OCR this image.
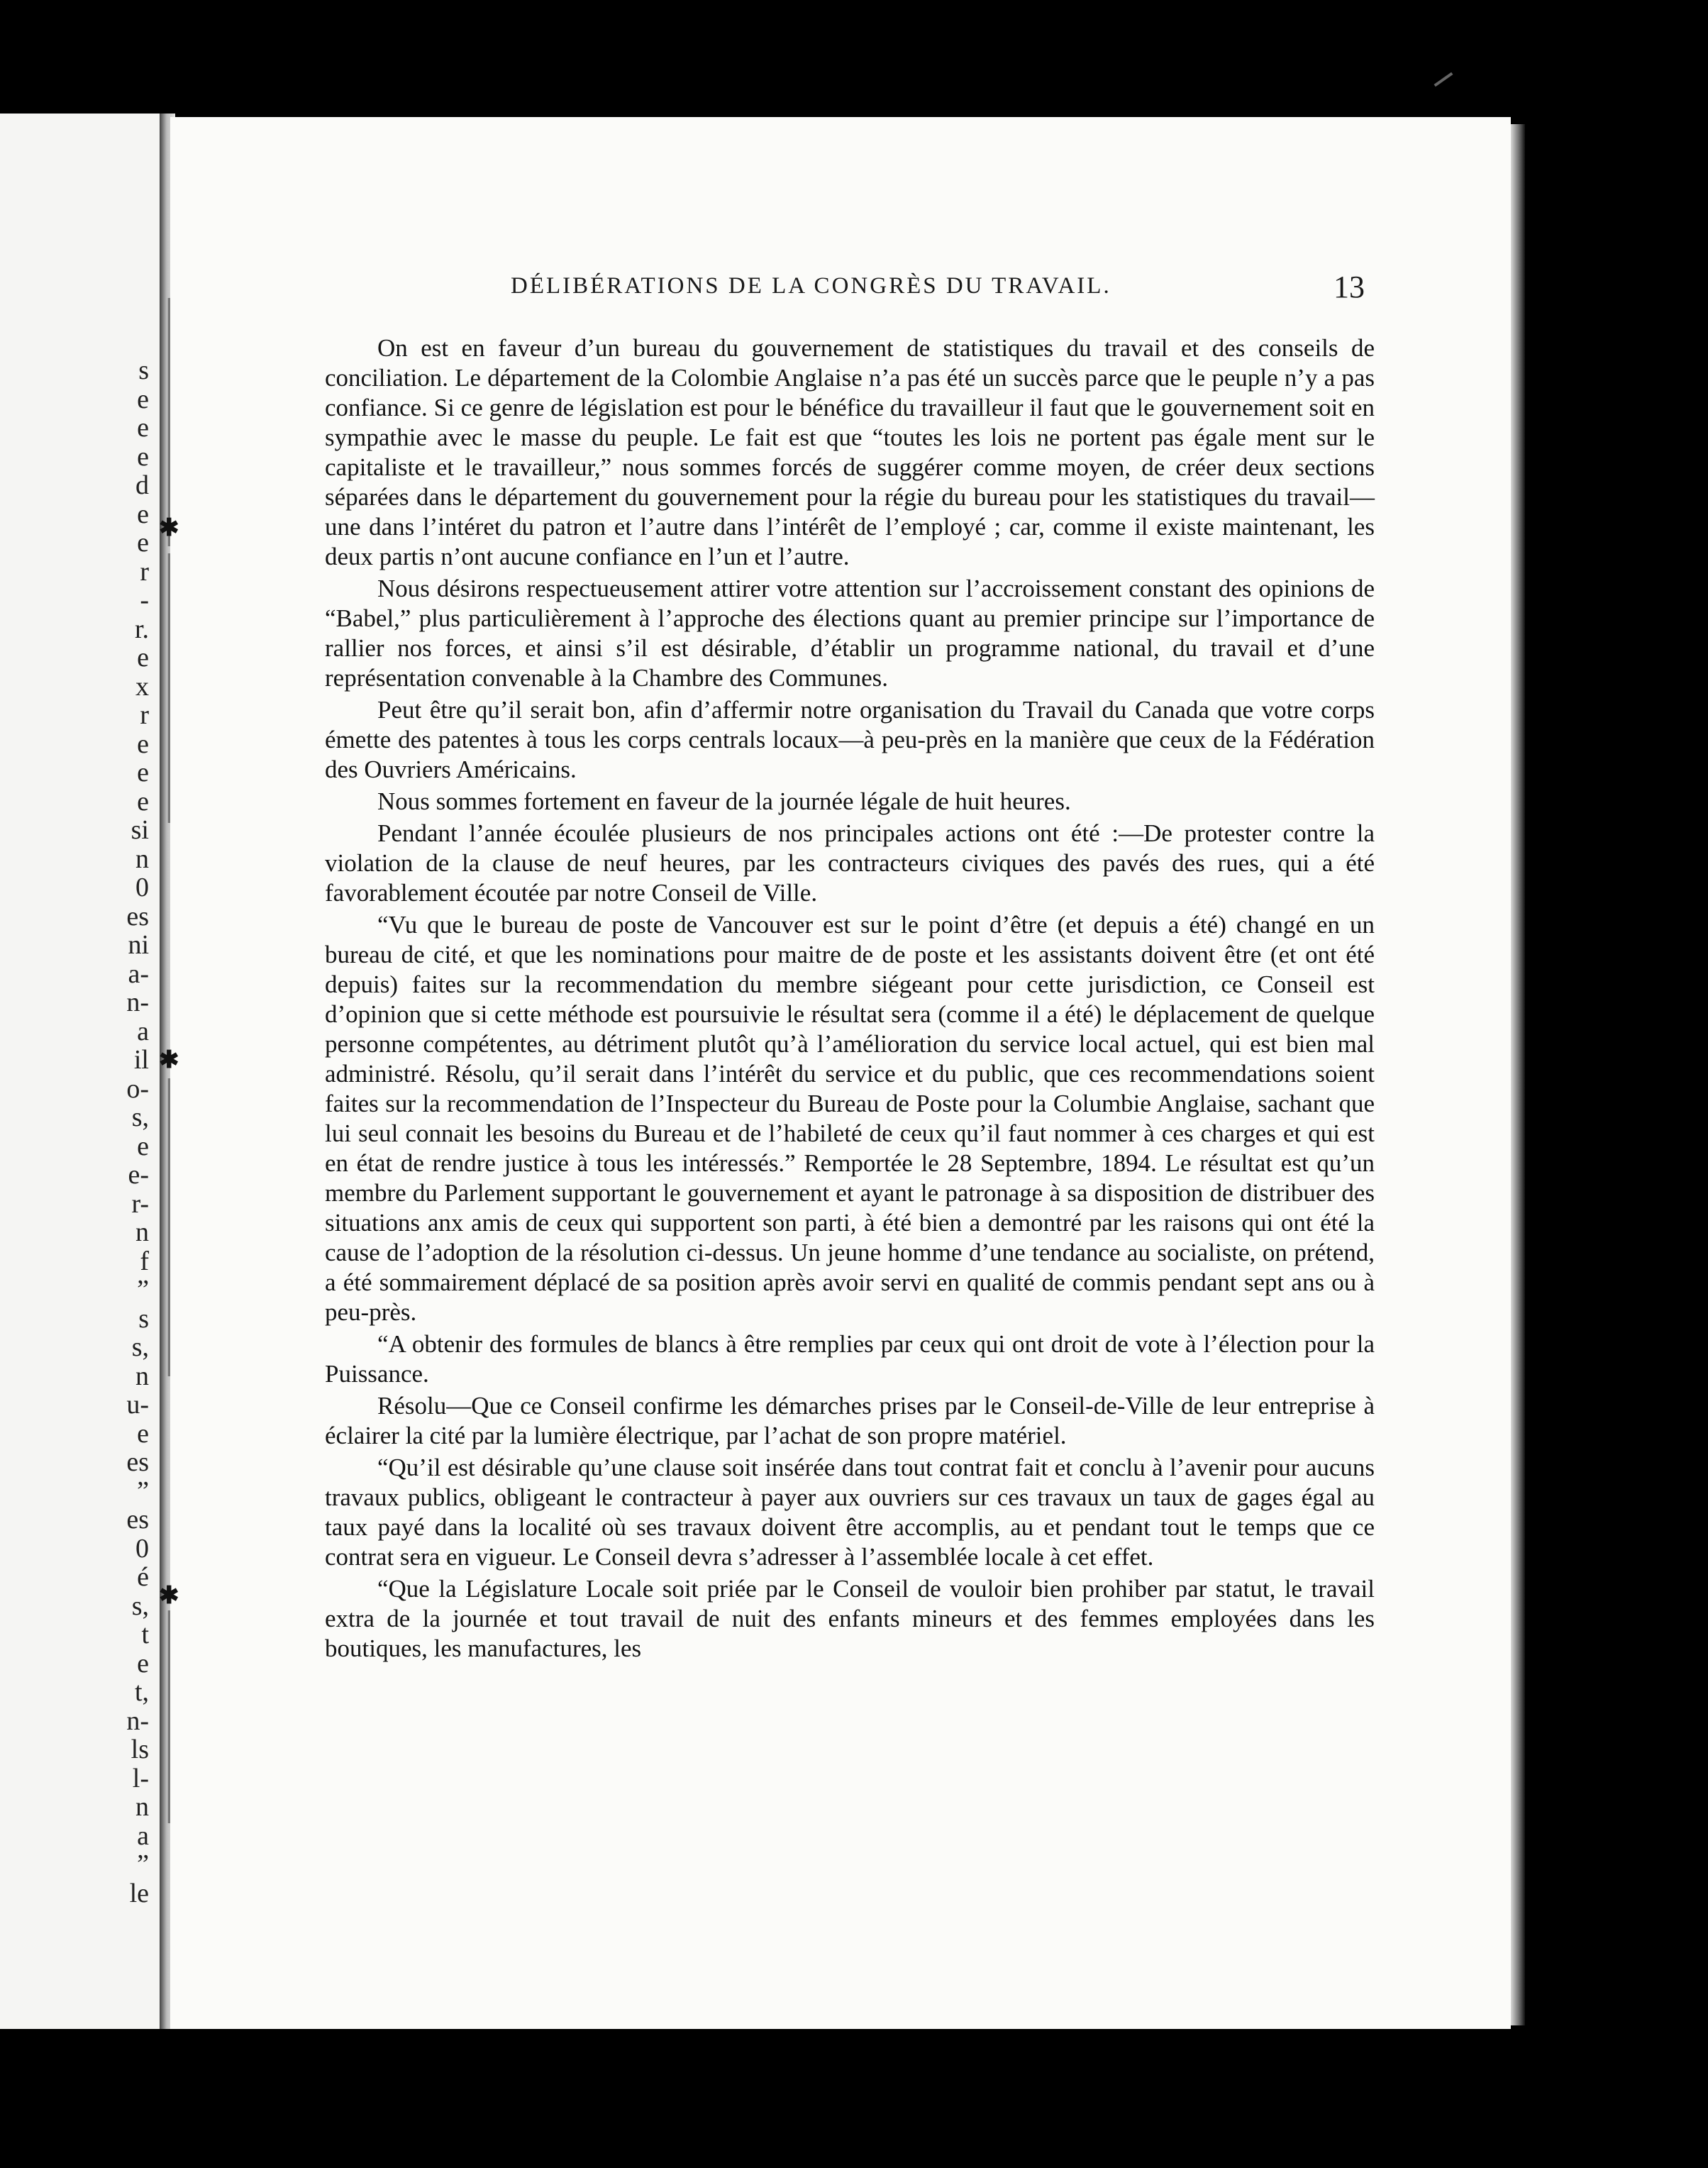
s
e
e
e
d
e
e
r
-
r.
e
x
r
e
e
e
si
n
0
es
ni
a-
n-
a
il
o-
s,
e
e-
r-
n
f
”
s
s,
n
u-
e
es
”
es
0
é
s,
t
e
t,
n-
ls
l-
n
a
”
le
✱
✱
✱
DÉLIBÉRATIONS DE LA CONGRÈS DU TRAVAIL.	13

On est en faveur d’un bureau du gouvernement de statistiques du travail et des conseils de conciliation. Le département de la Colombie Anglaise n’a pas été un succès parce que le peuple n’y a pas confiance. Si ce genre de législation est pour le bénéfice du travailleur il faut que le gouvernement soit en sympathie avec le masse du peuple. Le fait est que “toutes les lois ne portent pas égale ment sur le capitaliste et le travailleur,” nous sommes forcés de suggérer comme moyen, de créer deux sections séparées dans le département du gouvernement pour la régie du bureau pour les statistiques du travail—une dans l’intéret du patron et l’autre dans l’intérêt de l’employé ; car, comme il existe maintenant, les deux partis n’ont aucune confiance en l’un et l’autre.

Nous désirons respectueusement attirer votre attention sur l’accroissement constant des opinions de “Babel,” plus particulièrement à l’approche des élections quant au premier principe sur l’importance de rallier nos forces, et ainsi s’il est désirable, d’établir un programme national, du travail et d’une représentation convenable à la Chambre des Communes.

Peut être qu’il serait bon, afin d’affermir notre organisation du Travail du Canada que votre corps émette des patentes à tous les corps centrals locaux—à peu-près en la manière que ceux de la Fédération des Ouvriers Américains.

Nous sommes fortement en faveur de la journée légale de huit heures.

Pendant l’année écoulée plusieurs de nos principales actions ont été :—De protester contre la violation de la clause de neuf heures, par les contracteurs civiques des pavés des rues, qui a été favorablement écoutée par notre Conseil de Ville.

“Vu que le bureau de poste de Vancouver est sur le point d’être (et depuis a été) changé en un bureau de cité, et que les nominations pour maitre de de poste et les assistants doivent être (et ont été depuis) faites sur la recommendation du membre siégeant pour cette jurisdiction, ce Conseil est d’opinion que si cette méthode est poursuivie le résultat sera (comme il a été) le déplacement de quelque personne compétentes, au détriment plutôt qu’à l’amélioration du service local actuel, qui est bien mal administré. Résolu, qu’il serait dans l’intérêt du service et du public, que ces recommendations soient faites sur la recommendation de l’Inspecteur du Bureau de Poste pour la Columbie Anglaise, sachant que lui seul connait les besoins du Bureau et de l’habileté de ceux qu’il faut nommer à ces charges et qui est en état de rendre justice à tous les intéressés.” Remportée le 28 Septembre, 1894. Le résultat est qu’un membre du Parlement supportant le gouvernement et ayant le patronage à sa disposition de distribuer des situations anx amis de ceux qui supportent son parti, à été bien a demontré par les raisons qui ont été la cause de l’adoption de la résolution ci-dessus. Un jeune homme d’une tendance au socialiste, on prétend, a été sommairement déplacé de sa position après avoir servi en qualité de commis pendant sept ans ou à peu-près.

“A obtenir des formules de blancs à être remplies par ceux qui ont droit de vote à l’élection pour la Puissance.

Résolu—Que ce Conseil confirme les démarches prises par le Conseil-de-Ville de leur entreprise à éclairer la cité par la lumière électrique, par l’achat de son propre matériel.

“Qu’il est désirable qu’une clause soit insérée dans tout contrat fait et conclu à l’avenir pour aucuns travaux publics, obligeant le contracteur à payer aux ouvriers sur ces travaux un taux de gages égal au taux payé dans la localité où ses travaux doivent être accomplis, au et pendant tout le temps que ce contrat sera en vigueur. Le Conseil devra s’adresser à l’assemblée locale à cet effet.

“Que la Législature Locale soit priée par le Conseil de vouloir bien prohiber par statut, le travail extra de la journée et tout travail de nuit des enfants mineurs et des femmes employées dans les boutiques, les manufactures, les
